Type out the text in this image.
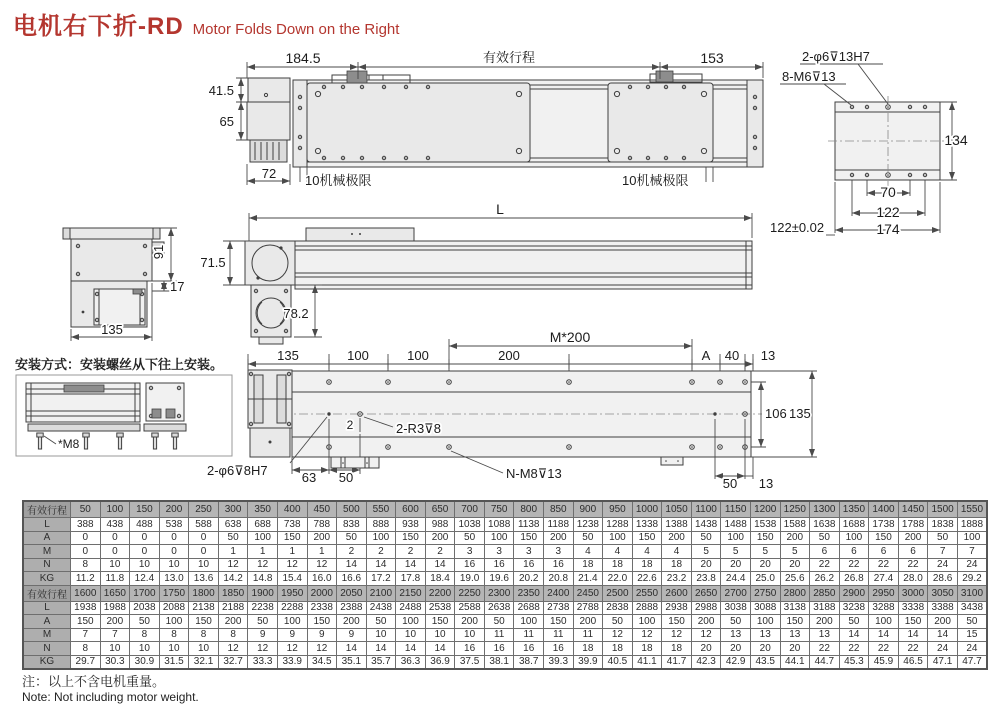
电机右下折-RD Motor Folds Down on the Right
184.5	有效行程	153
41.5
65
72 10机械极限	10机械极限
2-φ6⊽13H7
8-M6⊽13
134
70
122
174
122±0.02
L
71.5
78.2
91
17
135
安装方式：安装螺丝从下往上安装。
*M8
M*200
135	100	100	200	A 40 13
2	2-R3⊽8
2-φ6⊽8H7	N-M8⊽13
63 50	50 13
106 135
有效行程	50	100	150	200	250	300	350	400	450	500	550	600	650	700	750	800	850	900	950	1000	1050	1100	1150	1200	1250	1300	1350	1400	1450	1500	1550
L	388	438	488	538	588	638	688	738	788	838	888	938	988	1038	1088	1138	1188	1238	1288	1338	1388	1438	1488	1538	1588	1638	1688	1738	1788	1838	1888
A	0	0	0	0	0	50	100	150	200	50	100	150	200	50	100	150	200	50	100	150	200	50	100	150	200	50	100	150	200	50	100
M	0	0	0	0	0	1	1	1	1	2	2	2	2	3	3	3	3	4	4	4	4	5	5	5	5	6	6	6	6	7	7
N	8	10	10	10	10	12	12	12	12	14	14	14	14	16	16	16	16	18	18	18	18	20	20	20	20	22	22	22	22	24	24
KG	11.2	11.8	12.4	13.0	13.6	14.2	14.8	15.4	16.0	16.6	17.2	17.8	18.4	19.0	19.6	20.2	20.8	21.4	22.0	22.6	23.2	23.8	24.4	25.0	25.6	26.2	26.8	27.4	28.0	28.6	29.2
有效行程	1600	1650	1700	1750	1800	1850	1900	1950	2000	2050	2100	2150	2200	2250	2300	2350	2400	2450	2500	2550	2600	2650	2700	2750	2800	2850	2900	2950	3000	3050	3100
L	1938	1988	2038	2088	2138	2188	2238	2288	2338	2388	2438	2488	2538	2588	2638	2688	2738	2788	2838	2888	2938	2988	3038	3088	3138	3188	3238	3288	3338	3388	3438
A	150	200	50	100	150	200	50	100	150	200	50	100	150	200	50	100	150	200	50	100	150	200	50	100	150	200	50	100	150	200	50
M	7	7	8	8	8	8	9	9	9	9	10	10	10	10	11	11	11	11	12	12	12	12	13	13	13	13	14	14	14	14	15
N	8	10	10	10	10	12	12	12	12	14	14	14	14	16	16	16	16	18	18	18	18	20	20	20	20	22	22	22	22	24	24
KG	29.7	30.3	30.9	31.5	32.1	32.7	33.3	33.9	34.5	35.1	35.7	36.3	36.9	37.5	38.1	38.7	39.3	39.9	40.5	41.1	41.7	42.3	42.9	43.5	44.1	44.7	45.3	45.9	46.5	47.1	47.7
注：以上不含电机重量。
Note: Not including motor weight.
